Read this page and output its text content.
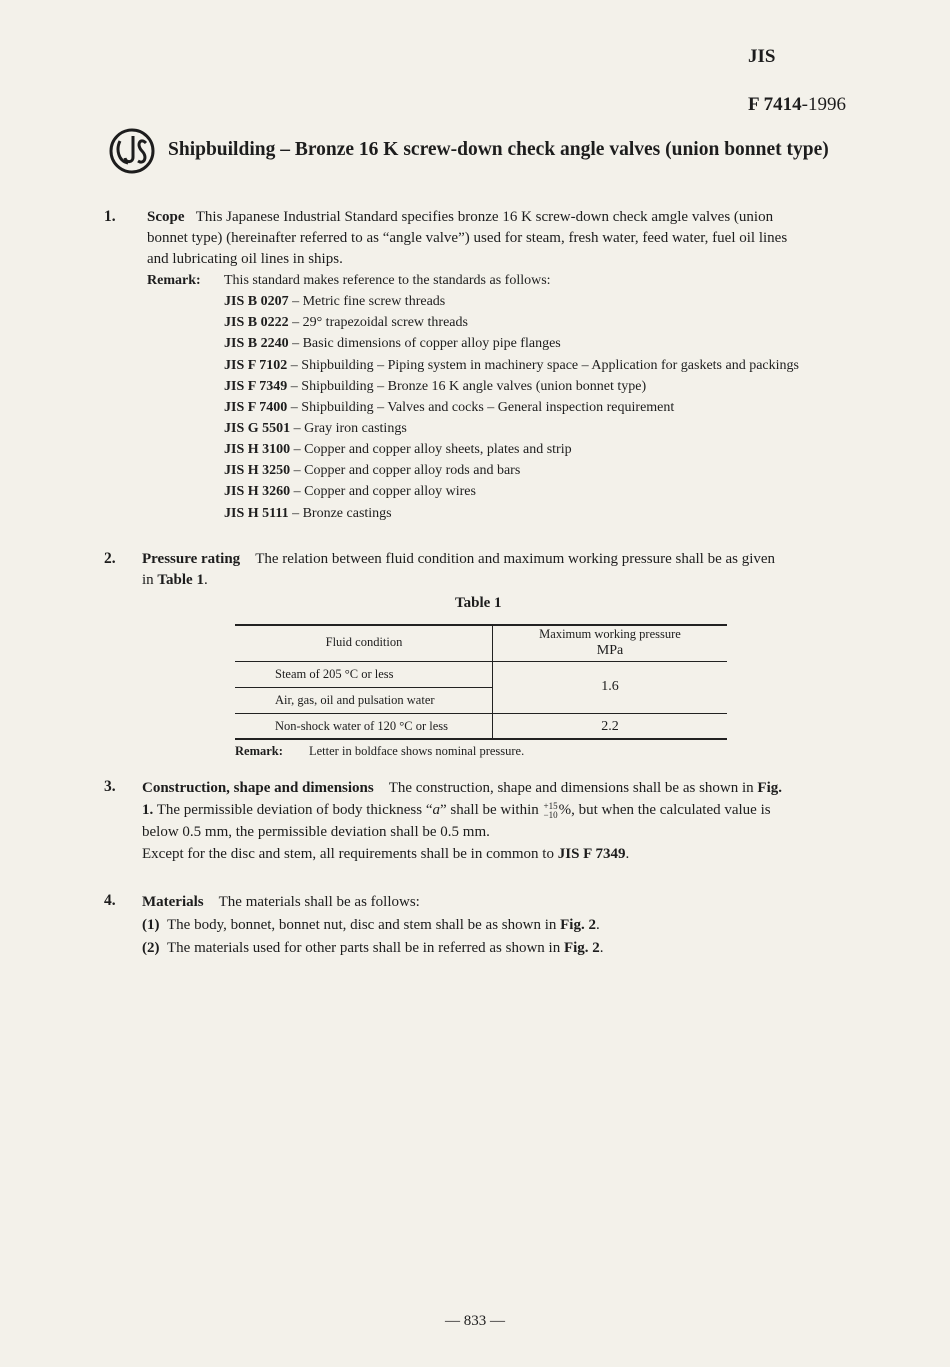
JIS
F 7414-1996
Shipbuilding – Bronze 16 K screw-down check angle valves (union bonnet type)
1. Scope This Japanese Industrial Standard specifies bronze 16 K screw-down check amgle valves (union
bonnet type) (hereinafter referred to as “angle valve”) used for steam, fresh water, feed water, fuel oil lines
and lubricating oil lines in ships.
Remark: This standard makes reference to the standards as follows:
JIS B 0207 – Metric fine screw threads
JIS B 0222 – 29° trapezoidal screw threads
JIS B 2240 – Basic dimensions of copper alloy pipe flanges
JIS F 7102 – Shipbuilding – Piping system in machinery space – Application for gaskets and packings
JIS F 7349 – Shipbuilding – Bronze 16 K angle valves (union bonnet type)
JIS F 7400 – Shipbuilding – Valves and cocks – General inspection requirement
JIS G 5501 – Gray iron castings
JIS H 3100 – Copper and copper alloy sheets, plates and strip
JIS H 3250 – Copper and copper alloy rods and bars
JIS H 3260 – Copper and copper alloy wires
JIS H 5111 – Bronze castings
2. Pressure rating The relation between fluid condition and maximum working pressure shall be as given
in Table 1.
Table 1
Fluid condition
Maximum working pressure
MPa
Steam of 205 °C or less
Air, gas, oil and pulsation water
Non-shock water of 120 °C or less
1.6
2.2
Remark: Letter in boldface shows nominal pressure.
3. Construction, shape and dimensions The construction, shape and dimensions shall be as shown in Fig.
1. The permissible deviation of body thickness “a” shall be within +15
−10 %, but when the calculated value is
below 0.5 mm, the permissible deviation shall be 0.5 mm.
Except for the disc and stem, all requirements shall be in common to JIS F 7349.
4. Materials The materials shall be as follows:
(1) The body, bonnet, bonnet nut, disc and stem shall be as shown in Fig. 2.
(2) The materials used for other parts shall be in referred as shown in Fig. 2.
— 833 —
